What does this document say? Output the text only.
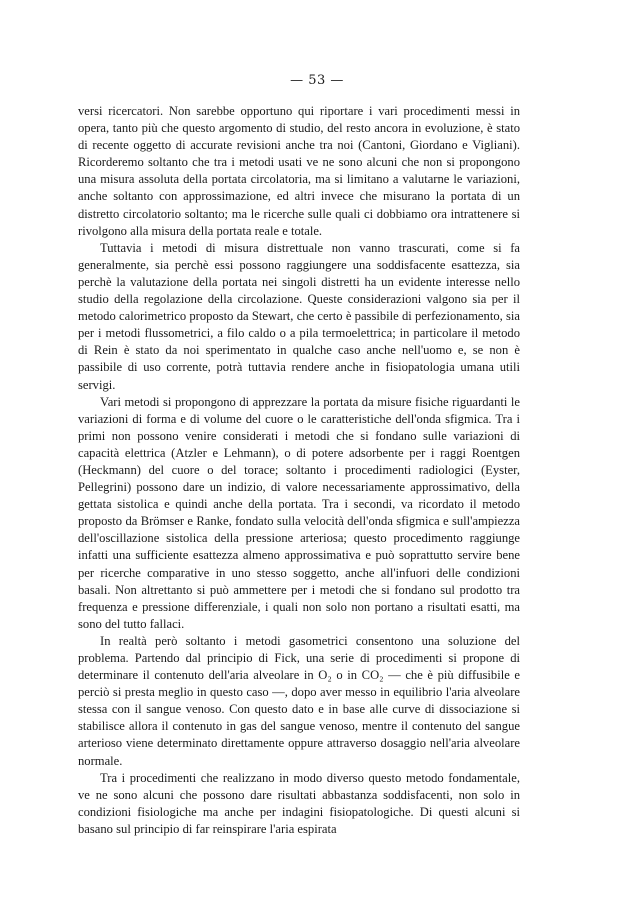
— 53 —

versi ricercatori. Non sarebbe opportuno qui riportare i vari procedimenti messi in opera, tanto più che questo argomento di studio, del resto ancora in evoluzione, è stato di recente oggetto di accurate revisioni anche tra noi (Cantoni, Giordano e Vigliani). Ricorderemo soltanto che tra i metodi usati ve ne sono alcuni che non si propongono una misura assoluta della portata circolatoria, ma si limitano a valutarne le variazioni, anche soltanto con approssimazione, ed altri invece che misurano la portata di un distretto circolatorio soltanto; ma le ricerche sulle quali ci dobbiamo ora intrattenere si rivolgono alla misura della portata reale e totale.

Tuttavia i metodi di misura distrettuale non vanno trascurati, come si fa generalmente, sia perchè essi possono raggiungere una soddisfacente esattezza, sia perchè la valutazione della portata nei singoli distretti ha un evidente interesse nello studio della regolazione della circolazione. Queste considerazioni valgono sia per il metodo calorimetrico proposto da Stewart, che certo è passibile di perfezionamento, sia per i metodi flussometrici, a filo caldo o a pila termoelettrica; in particolare il metodo di Rein è stato da noi sperimentato in qualche caso anche nell'uomo e, se non è passibile di uso corrente, potrà tuttavia rendere anche in fisiopatologia umana utili servigi.

Vari metodi si propongono di apprezzare la portata da misure fisiche riguardanti le variazioni di forma e di volume del cuore o le caratteristiche dell'onda sfigmica. Tra i primi non possono venire considerati i metodi che si fondano sulle variazioni di capacità elettrica (Atzler e Lehmann), o di potere adsorbente per i raggi Roentgen (Heckmann) del cuore o del torace; soltanto i procedimenti radiologici (Eyster, Pellegrini) possono dare un indizio, di valore necessariamente approssimativo, della gettata sistolica e quindi anche della portata. Tra i secondi, va ricordato il metodo proposto da Brömser e Ranke, fondato sulla velocità dell'onda sfigmica e sull'ampiezza dell'oscillazione sistolica della pressione arteriosa; questo procedimento raggiunge infatti una sufficiente esattezza almeno approssimativa e può soprattutto servire bene per ricerche comparative in uno stesso soggetto, anche all'infuori delle condizioni basali. Non altrettanto si può ammettere per i metodi che si fondano sul prodotto tra frequenza e pressione differenziale, i quali non solo non portano a risultati esatti, ma sono del tutto fallaci.

In realtà però soltanto i metodi gasometrici consentono una soluzione del problema. Partendo dal principio di Fick, una serie di procedimenti si propone di determinare il contenuto dell'aria alveolare in O₂ o in CO₂ — che è più diffusibile e perciò si presta meglio in questo caso —, dopo aver messo in equilibrio l'aria alveolare stessa con il sangue venoso. Con questo dato e in base alle curve di dissociazione si stabilisce allora il contenuto in gas del sangue venoso, mentre il contenuto del sangue arterioso viene determinato direttamente oppure attraverso dosaggio nell'aria alveolare normale.

Tra i procedimenti che realizzano in modo diverso questo metodo fondamentale, ve ne sono alcuni che possono dare risultati abbastanza soddisfacenti, non solo in condizioni fisiologiche ma anche per indagini fisiopatologiche. Di questi alcuni si basano sul principio di far reinspirare l'aria espirata
